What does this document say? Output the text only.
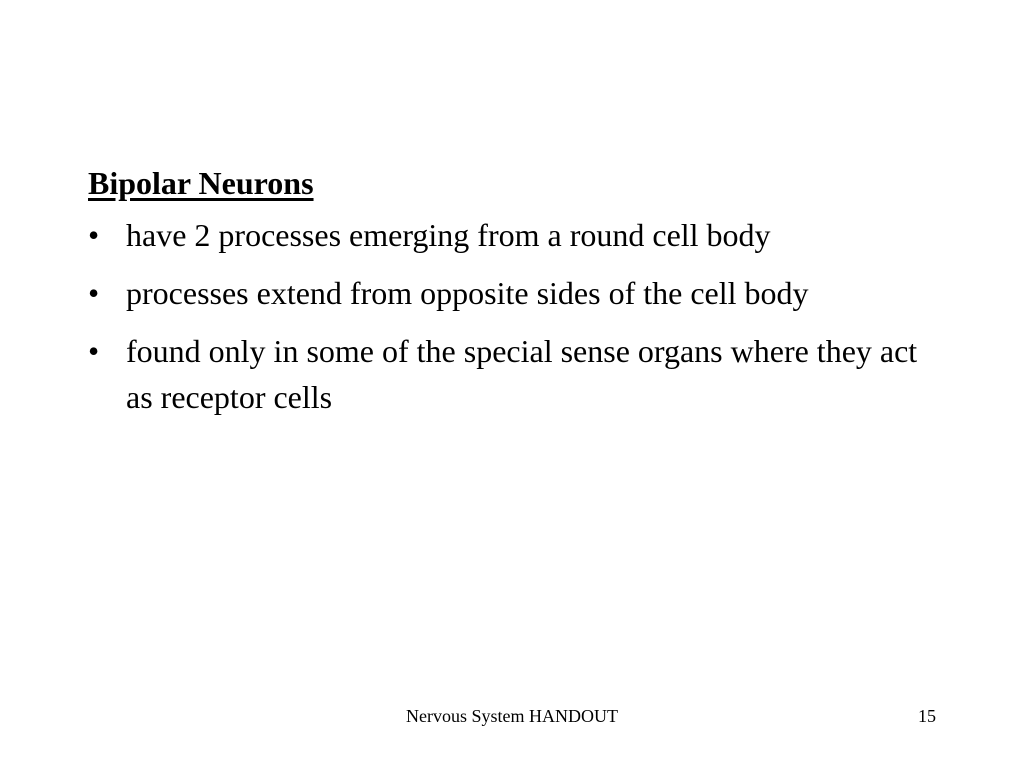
Bipolar Neurons
• have 2 processes emerging from a round cell body
• processes extend from opposite sides of the cell body
• found only in some of the special sense organs where they act as receptor cells
Nervous System HANDOUT	15
